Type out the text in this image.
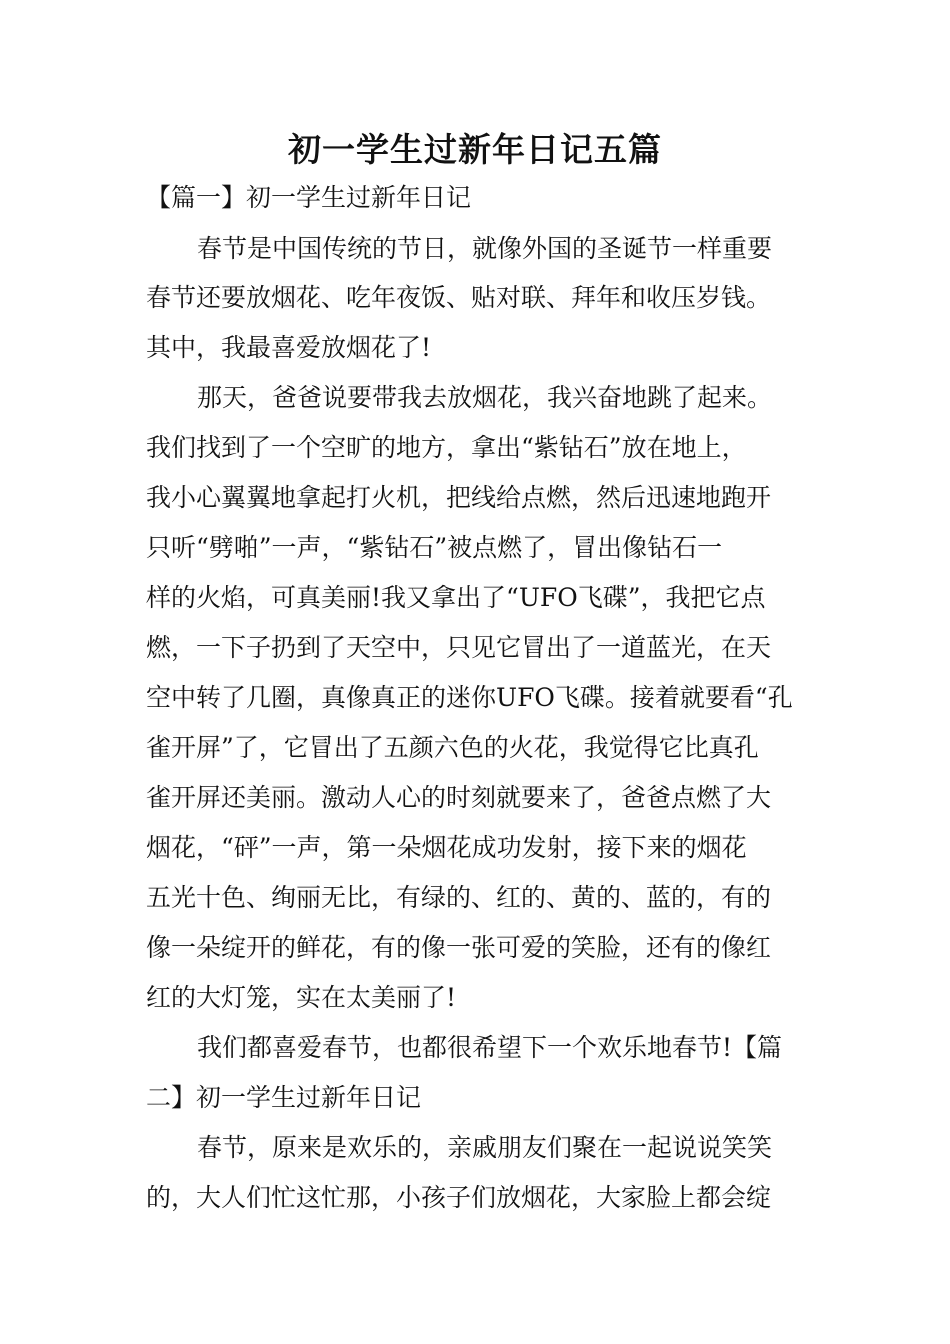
初一学生过新年日记五篇
【篇一】初一学生过新年日记
春节是中国传统的节日，就像外国的圣诞节一样重要
春节还要放烟花、吃年夜饭、贴对联、拜年和收压岁钱。
其中，我最喜爱放烟花了!
那天，爸爸说要带我去放烟花，我兴奋地跳了起来。
我们找到了一个空旷的地方，拿出“紫钻石”放在地上，
我小心翼翼地拿起打火机，把线给点燃，然后迅速地跑开
只听“劈啪”一声，“紫钻石”被点燃了，冒出像钻石一
样的火焰，可真美丽!我又拿出了“UFO飞碟”，我把它点
燃，一下子扔到了天空中，只见它冒出了一道蓝光，在天
空中转了几圈，真像真正的迷你UFO飞碟。接着就要看“孔
雀开屏”了，它冒出了五颜六色的火花，我觉得它比真孔
雀开屏还美丽。激动人心的时刻就要来了，爸爸点燃了大
烟花，“砰”一声，第一朵烟花成功发射，接下来的烟花
五光十色、绚丽无比，有绿的、红的、黄的、蓝的，有的
像一朵绽开的鲜花，有的像一张可爱的笑脸，还有的像红
红的大灯笼，实在太美丽了!
我们都喜爱春节，也都很希望下一个欢乐地春节!【篇
二】初一学生过新年日记
春节，原来是欢乐的，亲戚朋友们聚在一起说说笑笑
的，大人们忙这忙那，小孩子们放烟花，大家脸上都会绽
